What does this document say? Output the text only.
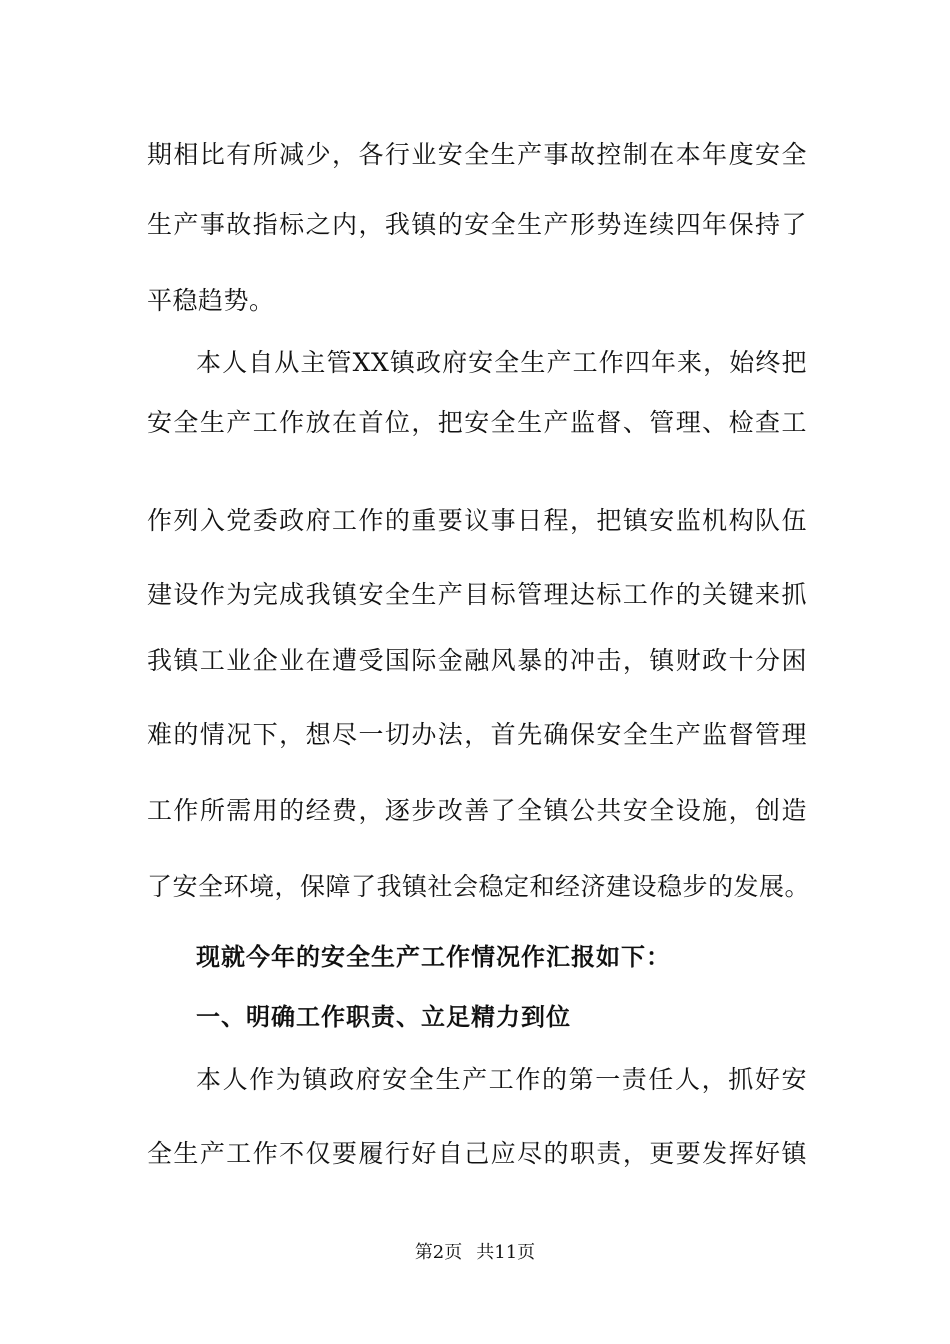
期相比有所减少，各行业安全生产事故控制在本年度安全
生产事故指标之内，我镇的安全生产形势连续四年保持了
平稳趋势。
本人自从主管XX镇政府安全生产工作四年来，始终把
安全生产工作放在首位，把安全生产监督、管理、检查工
作列入党委政府工作的重要议事日程，把镇安监机构队伍
建设作为完成我镇安全生产目标管理达标工作的关键来抓
我镇工业企业在遭受国际金融风暴的冲击，镇财政十分困
难的情况下，想尽一切办法，首先确保安全生产监督管理
工作所需用的经费，逐步改善了全镇公共安全设施，创造
了安全环境，保障了我镇社会稳定和经济建设稳步的发展。
现就今年的安全生产工作情况作汇报如下：
一、明确工作职责、立足精力到位
本人作为镇政府安全生产工作的第一责任人，抓好安
全生产工作不仅要履行好自己应尽的职责，更要发挥好镇
第2页 共11页
